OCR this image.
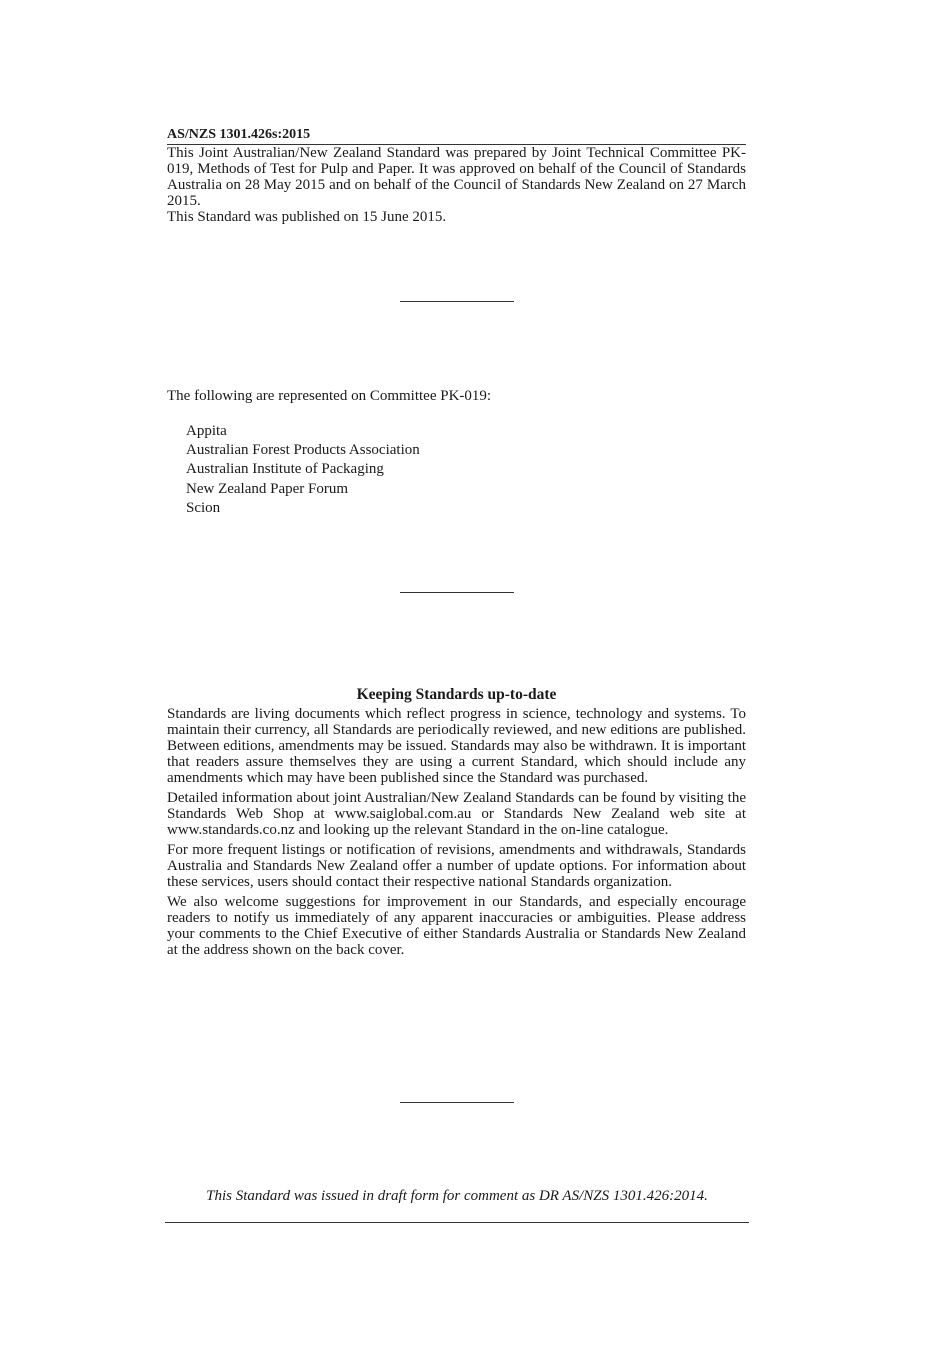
AS/NZS 1301.426s:2015

This Joint Australian/New Zealand Standard was prepared by Joint Technical Committee PK-019, Methods of Test for Pulp and Paper. It was approved on behalf of the Council of Standards Australia on 28 May 2015 and on behalf of the Council of Standards New Zealand on 27 March 2015.

This Standard was published on 15 June 2015.

The following are represented on Committee PK-019:

Appita
Australian Forest Products Association
Australian Institute of Packaging
New Zealand Paper Forum
Scion
Keeping Standards up-to-date

Standards are living documents which reflect progress in science, technology and systems. To maintain their currency, all Standards are periodically reviewed, and new editions are published. Between editions, amendments may be issued. Standards may also be withdrawn. It is important that readers assure themselves they are using a current Standard, which should include any amendments which may have been published since the Standard was purchased.

Detailed information about joint Australian/New Zealand Standards can be found by visiting the Standards Web Shop at www.saiglobal.com.au or Standards New Zealand web site at www.standards.co.nz and looking up the relevant Standard in the on-line catalogue.

For more frequent listings or notification of revisions, amendments and withdrawals, Standards Australia and Standards New Zealand offer a number of update options. For information about these services, users should contact their respective national Standards organization.

We also welcome suggestions for improvement in our Standards, and especially encourage readers to notify us immediately of any apparent inaccuracies or ambiguities. Please address your comments to the Chief Executive of either Standards Australia or Standards New Zealand at the address shown on the back cover.

This Standard was issued in draft form for comment as DR AS/NZS 1301.426:2014.
